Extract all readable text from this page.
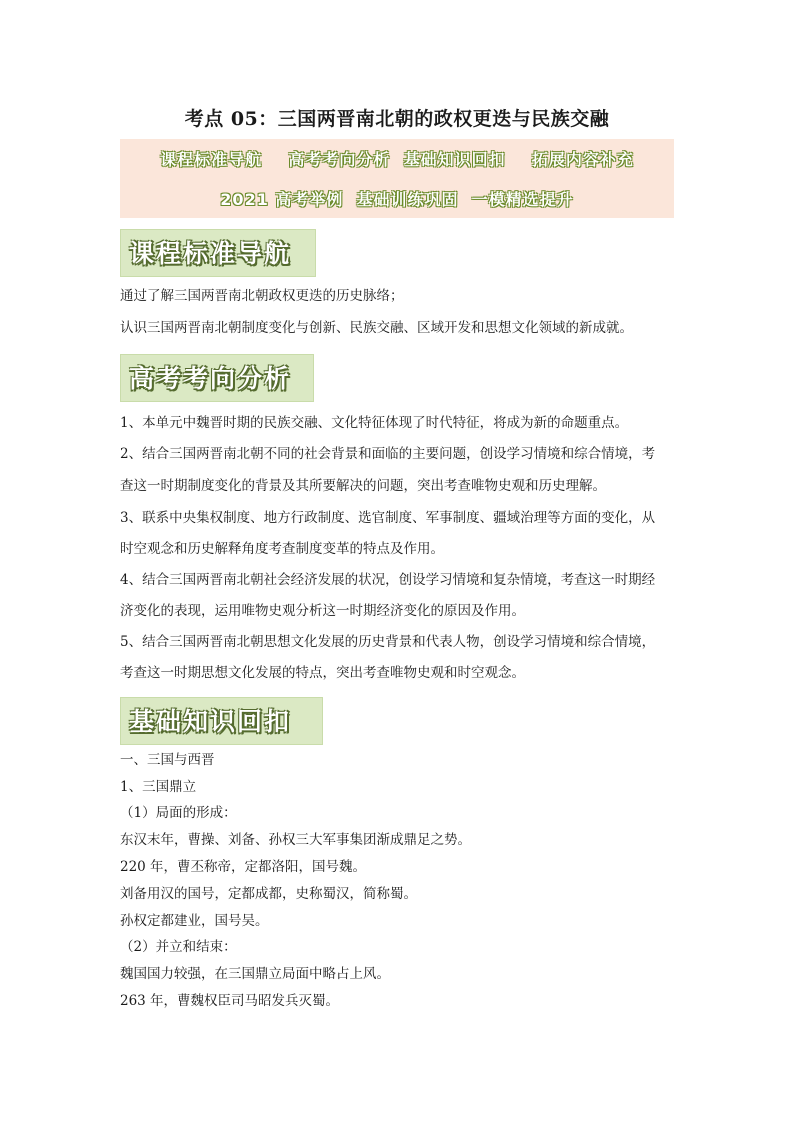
考点 05：三国两晋南北朝的政权更迭与民族交融
课程标准导航    高考考向分析  基础知识回扣    拓展内容补充
2021 高考举例  基础训练巩固  一模精选提升
课程标准导航
通过了解三国两晋南北朝政权更迭的历史脉络；
认识三国两晋南北朝制度变化与创新、民族交融、区域开发和思想文化领域的新成就。
高考考向分析
1、本单元中魏晋时期的民族交融、文化特征体现了时代特征，将成为新的命题重点。
2、结合三国两晋南北朝不同的社会背景和面临的主要问题，创设学习情境和综合情境，考
查这一时期制度变化的背景及其所要解决的问题，突出考查唯物史观和历史理解。
3、联系中央集权制度、地方行政制度、选官制度、军事制度、疆域治理等方面的变化，从
时空观念和历史解释角度考查制度变革的特点及作用。
4、结合三国两晋南北朝社会经济发展的状况，创设学习情境和复杂情境，考查这一时期经
济变化的表现，运用唯物史观分析这一时期经济变化的原因及作用。
5、结合三国两晋南北朝思想文化发展的历史背景和代表人物，创设学习情境和综合情境，
考查这一时期思想文化发展的特点，突出考查唯物史观和时空观念。
基础知识回扣
一、三国与西晋
1、三国鼎立
（1）局面的形成：
东汉末年，曹操、刘备、孙权三大军事集团渐成鼎足之势。
220 年，曹丕称帝，定都洛阳，国号魏。
刘备用汉的国号，定都成都，史称蜀汉，简称蜀。
孙权定都建业，国号吴。
（2）并立和结束：
魏国国力较强，在三国鼎立局面中略占上风。
263 年，曹魏权臣司马昭发兵灭蜀。
